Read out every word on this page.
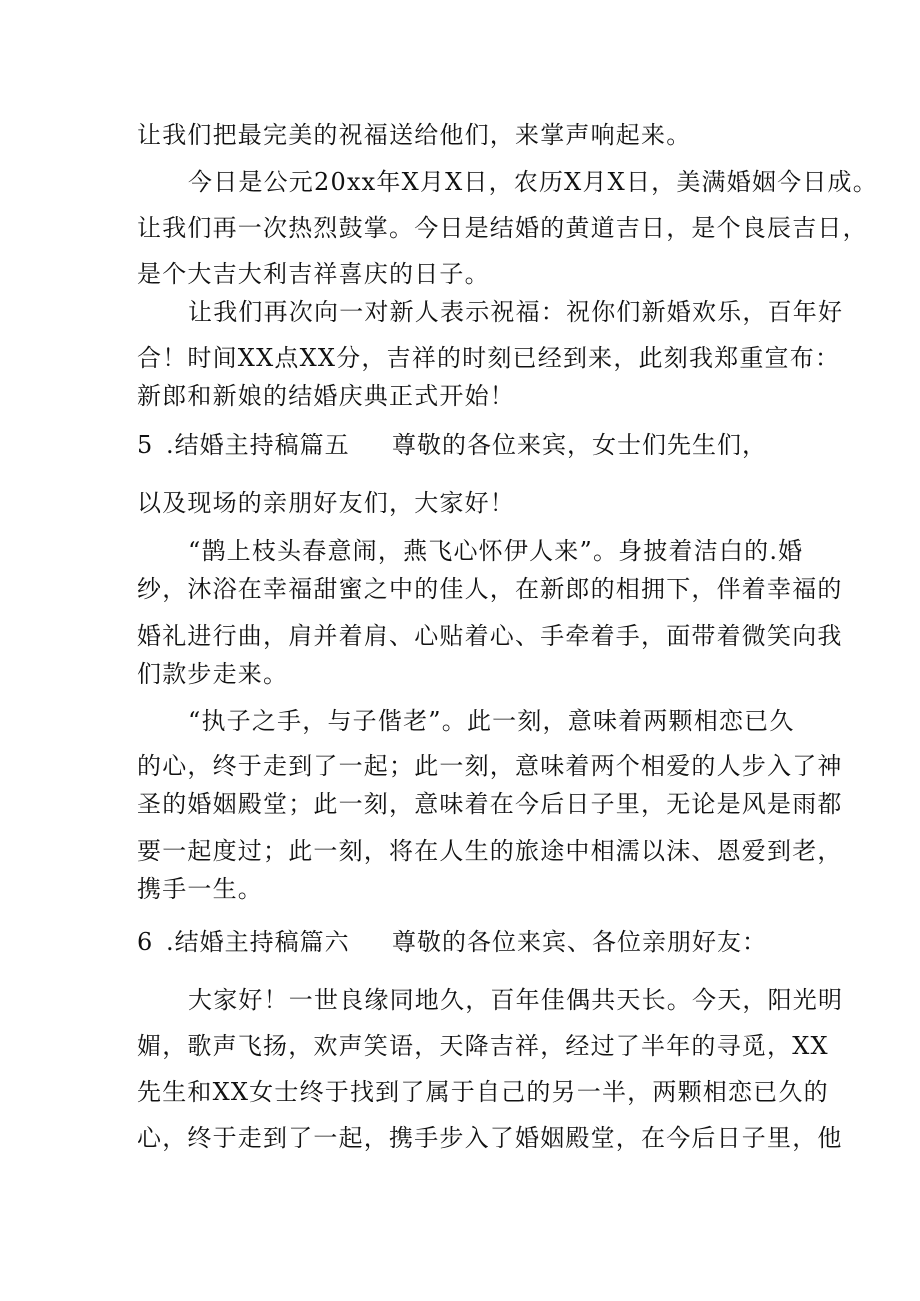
让我们把最完美的祝福送给他们，来掌声响起来。
今日是公元20xx年X月X日，农历X月X日，美满婚姻今日成。
让我们再一次热烈鼓掌。今日是结婚的黄道吉日，是个良辰吉日，
是个大吉大利吉祥喜庆的日子。
让我们再次向一对新人表示祝福：祝你们新婚欢乐，百年好
合！时间XX点XX分，吉祥的时刻已经到来，此刻我郑重宣布：
新郎和新娘的结婚庆典正式开始！
5 .结婚主持稿篇五 尊敬的各位来宾，女士们先生们，
以及现场的亲朋好友们，大家好！
“鹊上枝头春意闹，燕飞心怀伊人来”。身披着洁白的.婚
纱，沐浴在幸福甜蜜之中的佳人，在新郎的相拥下，伴着幸福的
婚礼进行曲，肩并着肩、心贴着心、手牵着手，面带着微笑向我
们款步走来。
“执子之手，与子偕老”。此一刻，意味着两颗相恋已久
的心，终于走到了一起；此一刻，意味着两个相爱的人步入了神
圣的婚姻殿堂；此一刻，意味着在今后日子里，无论是风是雨都
要一起度过；此一刻，将在人生的旅途中相濡以沫、恩爱到老，
携手一生。
6 .结婚主持稿篇六 尊敬的各位来宾、各位亲朋好友：
大家好！一世良缘同地久，百年佳偶共天长。今天，阳光明
媚，歌声飞扬，欢声笑语，天降吉祥，经过了半年的寻觅，XX
先生和XX女士终于找到了属于自己的另一半，两颗相恋已久的
心，终于走到了一起，携手步入了婚姻殿堂，在今后日子里，他
